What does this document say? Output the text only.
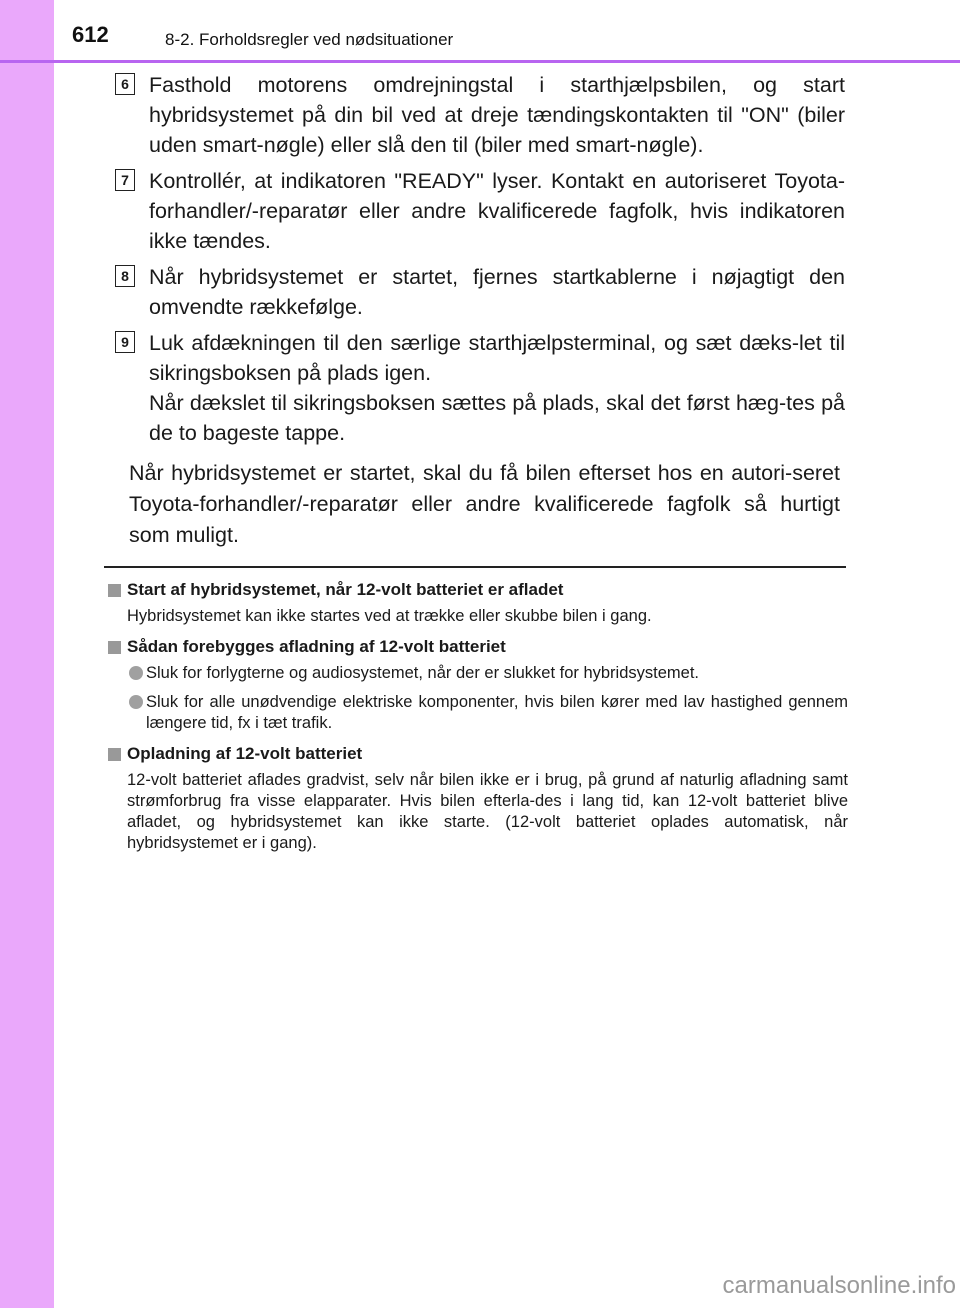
612	8-2. Forholdsregler ved nødsituationer
6 Fasthold motorens omdrejningstal i starthjælpsbilen, og start hybridsystemet på din bil ved at dreje tændingskontakten til "ON" (biler uden smart-nøgle) eller slå den til (biler med smart-nøgle).

7 Kontrollér, at indikatoren "READY" lyser. Kontakt en autoriseret Toyota-forhandler/-reparatør eller andre kvalificerede fagfolk, hvis indikatoren ikke tændes.

8 Når hybridsystemet er startet, fjernes startkablerne i nøjagtigt den omvendte rækkefølge.

9 Luk afdækningen til den særlige starthjælpsterminal, og sæt dæks-let til sikringsboksen på plads igen.

Når dækslet til sikringsboksen sættes på plads, skal det først hæg-tes på de to bageste tappe.

Når hybridsystemet er startet, skal du få bilen efterset hos en autori-seret Toyota-forhandler/-reparatør eller andre kvalificerede fagfolk så hurtigt som muligt.
Start af hybridsystemet, når 12-volt batteriet er afladet
Hybridsystemet kan ikke startes ved at trække eller skubbe bilen i gang.
Sådan forebygges afladning af 12-volt batteriet
Sluk for forlygterne og audiosystemet, når der er slukket for hybridsystemet.
Sluk for alle unødvendige elektriske komponenter, hvis bilen kører med lav hastighed gennem længere tid, fx i tæt trafik.
Opladning af 12-volt batteriet
12-volt batteriet aflades gradvist, selv når bilen ikke er i brug, på grund af naturlig afladning samt strømforbrug fra visse elapparater. Hvis bilen efterla-des i lang tid, kan 12-volt batteriet blive afladet, og hybridsystemet kan ikke starte. (12-volt batteriet oplades automatisk, når hybridsystemet er i gang).
carmanualsonline.info
